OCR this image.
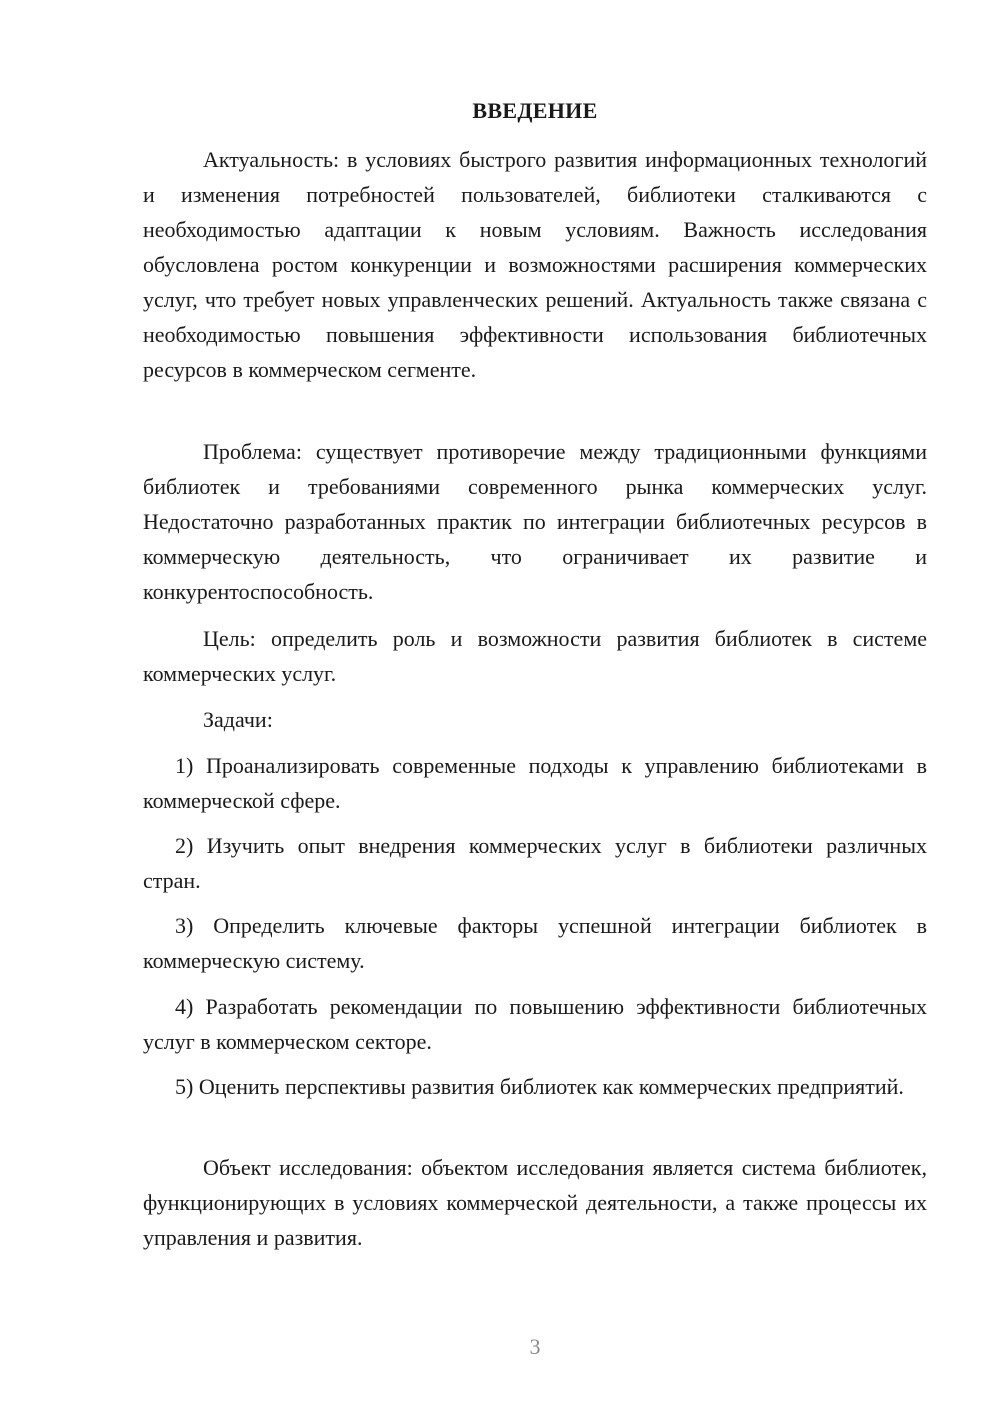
ВВЕДЕНИЕ

Актуальность: в условиях быстрого развития информационных технологий и изменения потребностей пользователей, библиотеки сталкиваются с необходимостью адаптации к новым условиям. Важность исследования обусловлена ростом конкуренции и возможностями расширения коммерческих услуг, что требует новых управленческих решений. Актуальность также связана с необходимостью повышения эффективности использования библиотечных ресурсов в коммерческом сегменте.

Проблема: существует противоречие между традиционными функциями библиотек и требованиями современного рынка коммерческих услуг. Недостаточно разработанных практик по интеграции библиотечных ресурсов в коммерческую деятельность, что ограничивает их развитие и конкурентоспособность.

Цель: определить роль и возможности развития библиотек в системе коммерческих услуг.

Задачи:

1) Проанализировать современные подходы к управлению библиотеками в коммерческой сфере.

2) Изучить опыт внедрения коммерческих услуг в библиотеки различных стран.

3) Определить ключевые факторы успешной интеграции библиотек в коммерческую систему.

4) Разработать рекомендации по повышению эффективности библиотечных услуг в коммерческом секторе.

5) Оценить перспективы развития библиотек как коммерческих предприятий.

Объект исследования: объектом исследования является система библиотек, функционирующих в условиях коммерческой деятельности, а также процессы их управления и развития.

3
